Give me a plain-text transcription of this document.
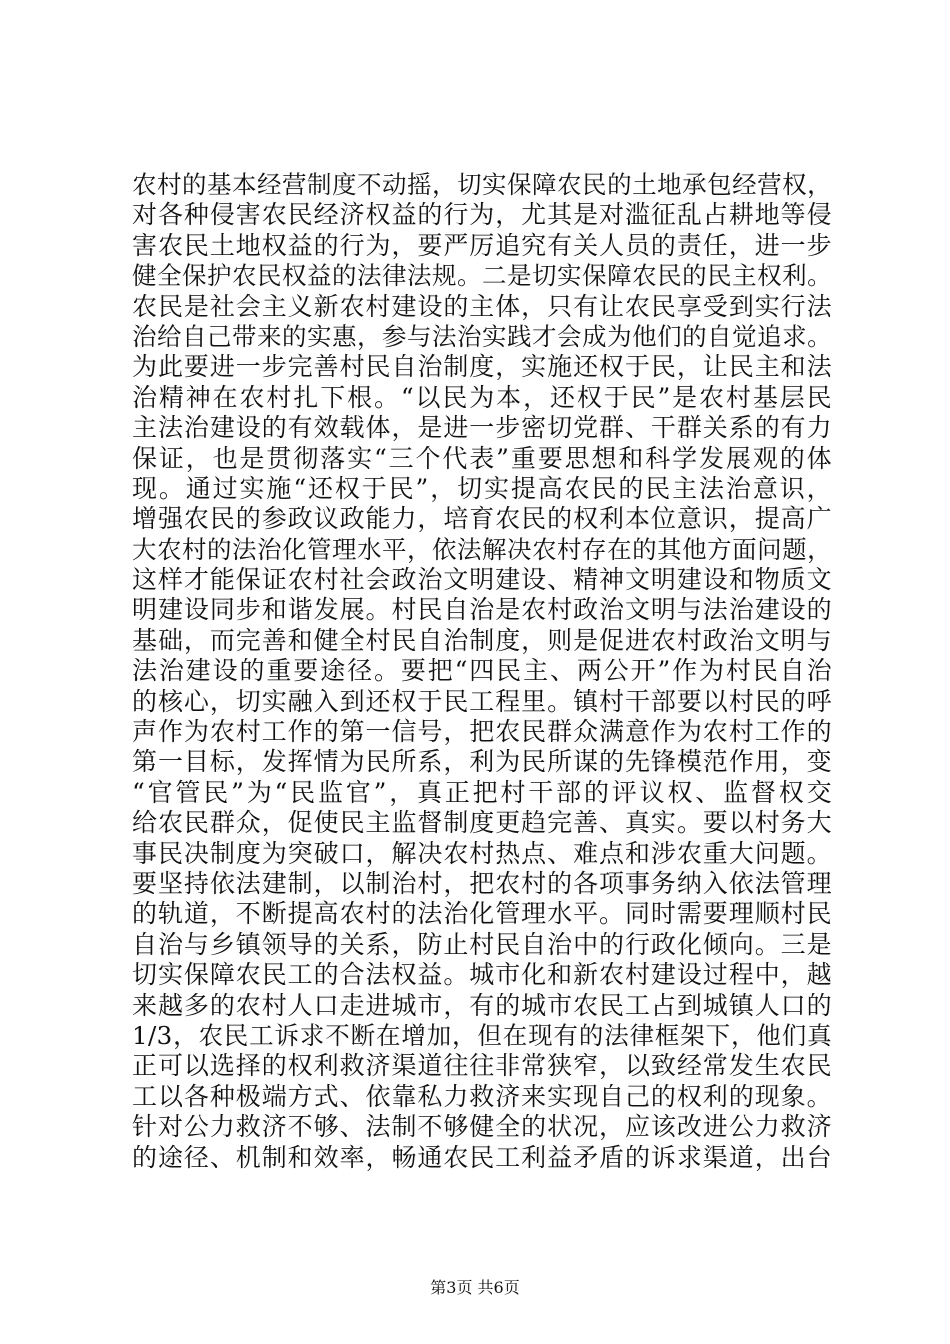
农村的基本经营制度不动摇，切实保障农民的土地承包经营权，
对各种侵害农民经济权益的行为，尤其是对滥征乱占耕地等侵
害农民土地权益的行为，要严厉追究有关人员的责任，进一步
健全保护农民权益的法律法规。二是切实保障农民的民主权利。
农民是社会主义新农村建设的主体，只有让农民享受到实行法
治给自己带来的实惠，参与法治实践才会成为他们的自觉追求。
为此要进一步完善村民自治制度，实施还权于民，让民主和法
治精神在农村扎下根。“以民为本，还权于民”是农村基层民
主法治建设的有效载体，是进一步密切党群、干群关系的有力
保证，也是贯彻落实“三个代表”重要思想和科学发展观的体
现。通过实施“还权于民”，切实提高农民的民主法治意识，
增强农民的参政议政能力，培育农民的权利本位意识，提高广
大农村的法治化管理水平，依法解决农村存在的其他方面问题，
这样才能保证农村社会政治文明建设、精神文明建设和物质文
明建设同步和谐发展。村民自治是农村政治文明与法治建设的
基础，而完善和健全村民自治制度，则是促进农村政治文明与
法治建设的重要途径。要把“四民主、两公开”作为村民自治
的核心，切实融入到还权于民工程里。镇村干部要以村民的呼
声作为农村工作的第一信号，把农民群众满意作为农村工作的
第一目标，发挥情为民所系，利为民所谋的先锋模范作用，变
“官管民”为“民监官”，真正把村干部的评议权、监督权交
给农民群众，促使民主监督制度更趋完善、真实。要以村务大
事民决制度为突破口，解决农村热点、难点和涉农重大问题。
要坚持依法建制，以制治村，把农村的各项事务纳入依法管理
的轨道，不断提高农村的法治化管理水平。同时需要理顺村民
自治与乡镇领导的关系，防止村民自治中的行政化倾向。三是
切实保障农民工的合法权益。城市化和新农村建设过程中，越
来越多的农村人口走进城市，有的城市农民工占到城镇人口的
1/3，农民工诉求不断在增加，但在现有的法律框架下，他们真
正可以选择的权利救济渠道往往非常狭窄，以致经常发生农民
工以各种极端方式、依靠私力救济来实现自己的权利的现象。
针对公力救济不够、法制不够健全的状况，应该改进公力救济
的途径、机制和效率，畅通农民工利益矛盾的诉求渠道，出台
第3页 共6页
